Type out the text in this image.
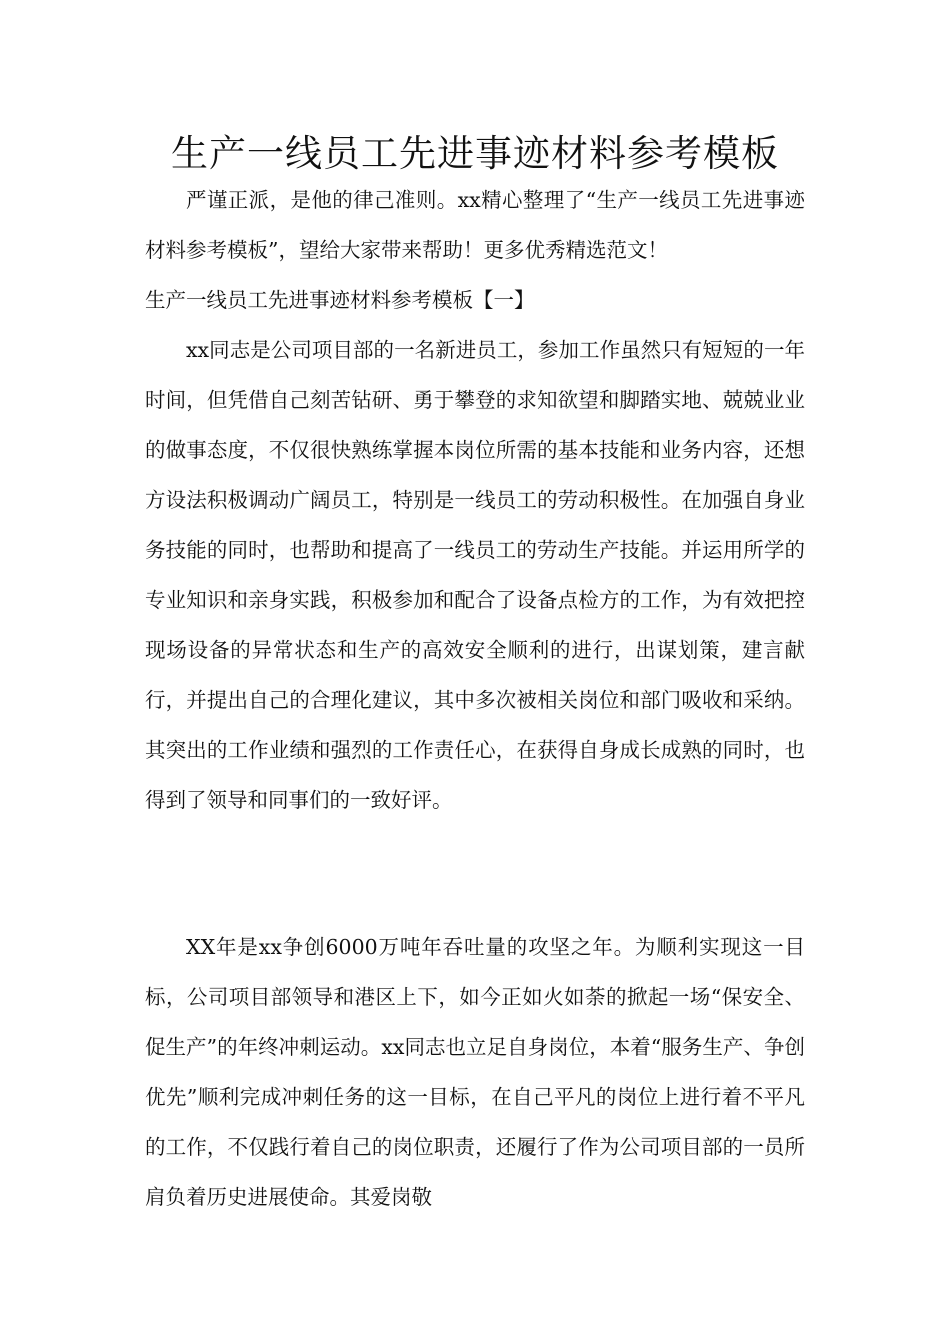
生产一线员工先进事迹材料参考模板

严谨正派，是他的律己准则。xx精心整理了“生产一线员工先进事迹材料参考模板”，望给大家带来帮助！更多优秀精选范文！

生产一线员工先进事迹材料参考模板【一】

xx同志是公司项目部的一名新进员工，参加工作虽然只有短短的一年时间，但凭借自己刻苦钻研、勇于攀登的求知欲望和脚踏实地、兢兢业业的做事态度，不仅很快熟练掌握本岗位所需的基本技能和业务内容，还想方设法积极调动广阔员工，特别是一线员工的劳动积极性。在加强自身业务技能的同时，也帮助和提高了一线员工的劳动生产技能。并运用所学的专业知识和亲身实践，积极参加和配合了设备点检方的工作，为有效把控现场设备的异常状态和生产的高效安全顺利的进行，出谋划策，建言献行，并提出自己的合理化建议，其中多次被相关岗位和部门吸收和采纳。其突出的工作业绩和强烈的工作责任心，在获得自身成长成熟的同时，也得到了领导和同事们的一致好评。

XX年是xx争创6000万吨年吞吐量的攻坚之年。为顺利实现这一目标，公司项目部领导和港区上下，如今正如火如荼的掀起一场“保安全、促生产”的年终冲刺运动。xx同志也立足自身岗位，本着“服务生产、争创优先”顺利完成冲刺任务的这一目标，在自己平凡的岗位上进行着不平凡的工作，不仅践行着自己的岗位职责，还履行了作为公司项目部的一员所肩负着历史进展使命。其爱岗敬
